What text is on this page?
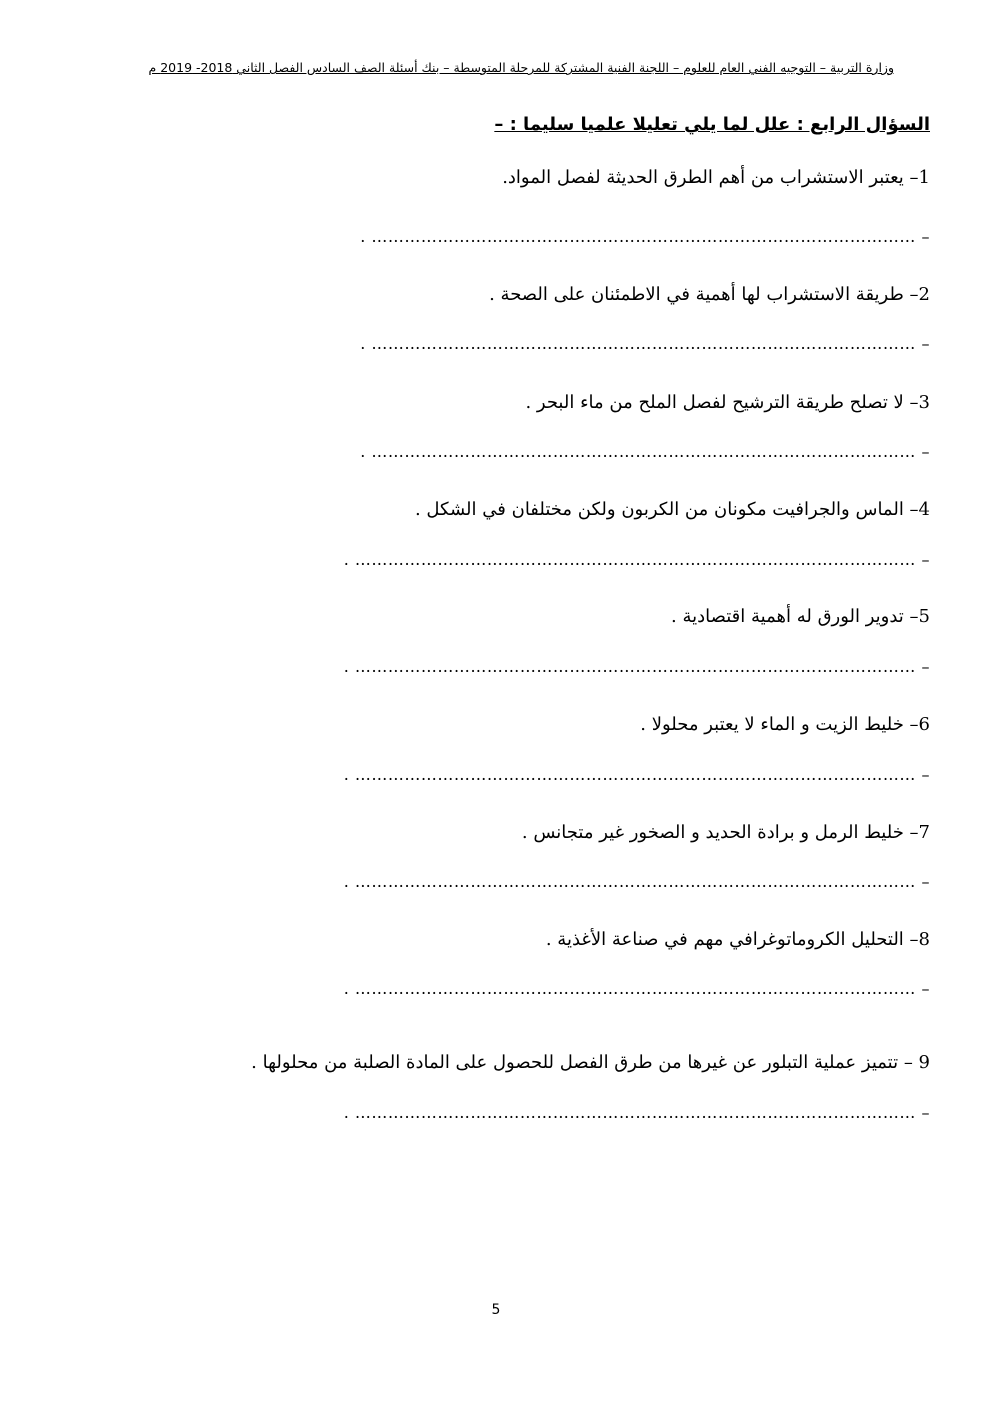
وزارة التربية – التوجيه الفني العام للعلوم – اللجنة الفنية المشتركة للمرحلة المتوسطة – بنك أسئلة الصف السادس الفصل الثاني 2018- 2019 م
السؤال الرابع : علل لما يلي تعليلا علميا سليما : –
1– يعتبر الاستشراب من أهم الطرق الحديثة لفصل المواد.
– ……………………………………………………………………………………… .
2– طريقة الاستشراب لها أهمية في الاطمئنان على الصحة .
– ……………………………………………………………………………………… .
3– لا تصلح طريقة الترشيح لفصل الملح من ماء البحر .
– ……………………………………………………………………………………… .
4– الماس والجرافيت مكونان من الكربون ولكن مختلفان في الشكل .
– ………………………………………………………………………………………… .
5– تدوير الورق له أهمية اقتصادية .
– ………………………………………………………………………………………… .
6– خليط الزيت و الماء لا يعتبر محلولا .
– ………………………………………………………………………………………… .
7– خليط الرمل و برادة الحديد و الصخور غير متجانس .
– ………………………………………………………………………………………… .
8– التحليل الكروماتوغرافي مهم في صناعة الأغذية .
– ………………………………………………………………………………………… .
9 – تتميز عملية التبلور عن غيرها من طرق الفصل للحصول على المادة الصلبة من محلولها .
– ………………………………………………………………………………………… .
5
